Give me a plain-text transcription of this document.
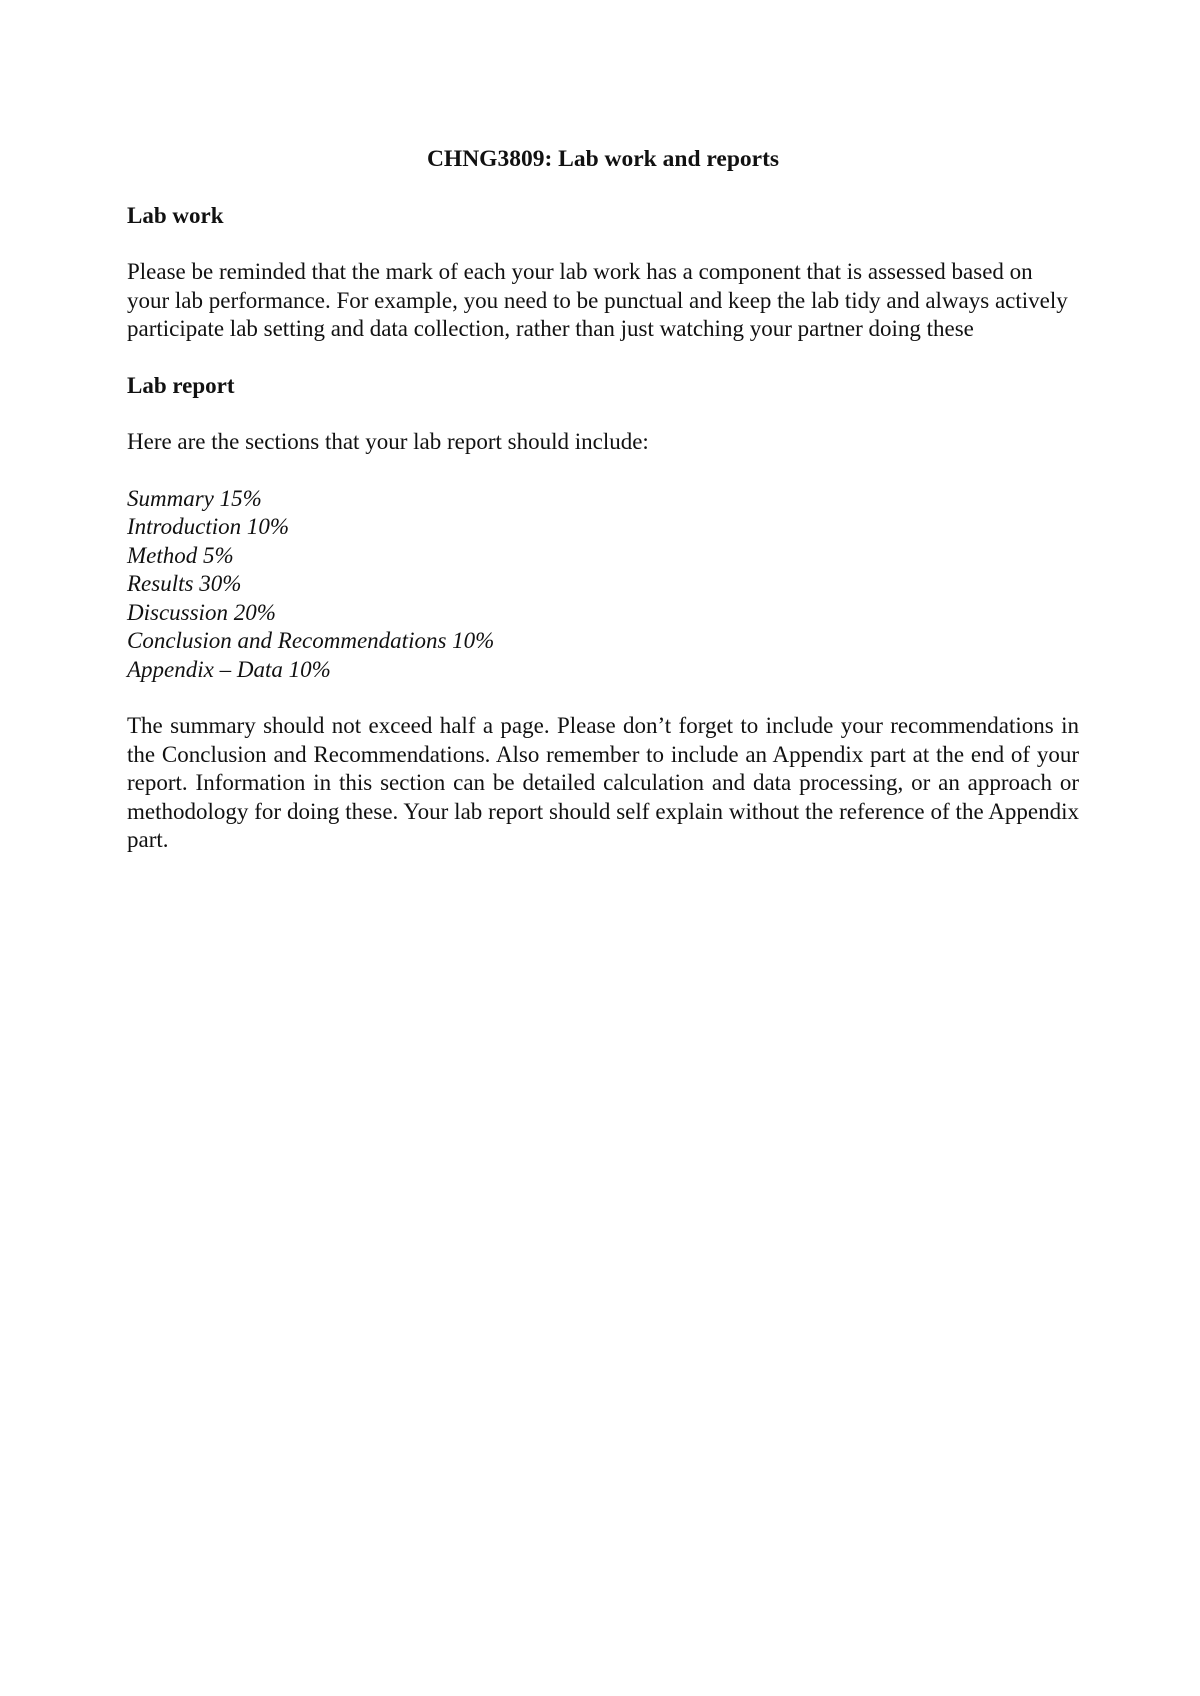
CHNG3809: Lab work and reports
Lab work
Please be reminded that the mark of each your lab work has a component that is assessed based on your lab performance. For example, you need to be punctual and keep the lab tidy and always actively participate lab setting and data collection, rather than just watching your partner doing these
Lab report
Here are the sections that your lab report should include:
Summary 15%
Introduction 10%
Method 5%
Results 30%
Discussion 20%
Conclusion and Recommendations 10%
Appendix – Data 10%
The summary should not exceed half a page. Please don’t forget to include your recommendations in the Conclusion and Recommendations. Also remember to include an Appendix part at the end of your report. Information in this section can be detailed calculation and data processing, or an approach or methodology for doing these. Your lab report should self explain without the reference of the Appendix part.
